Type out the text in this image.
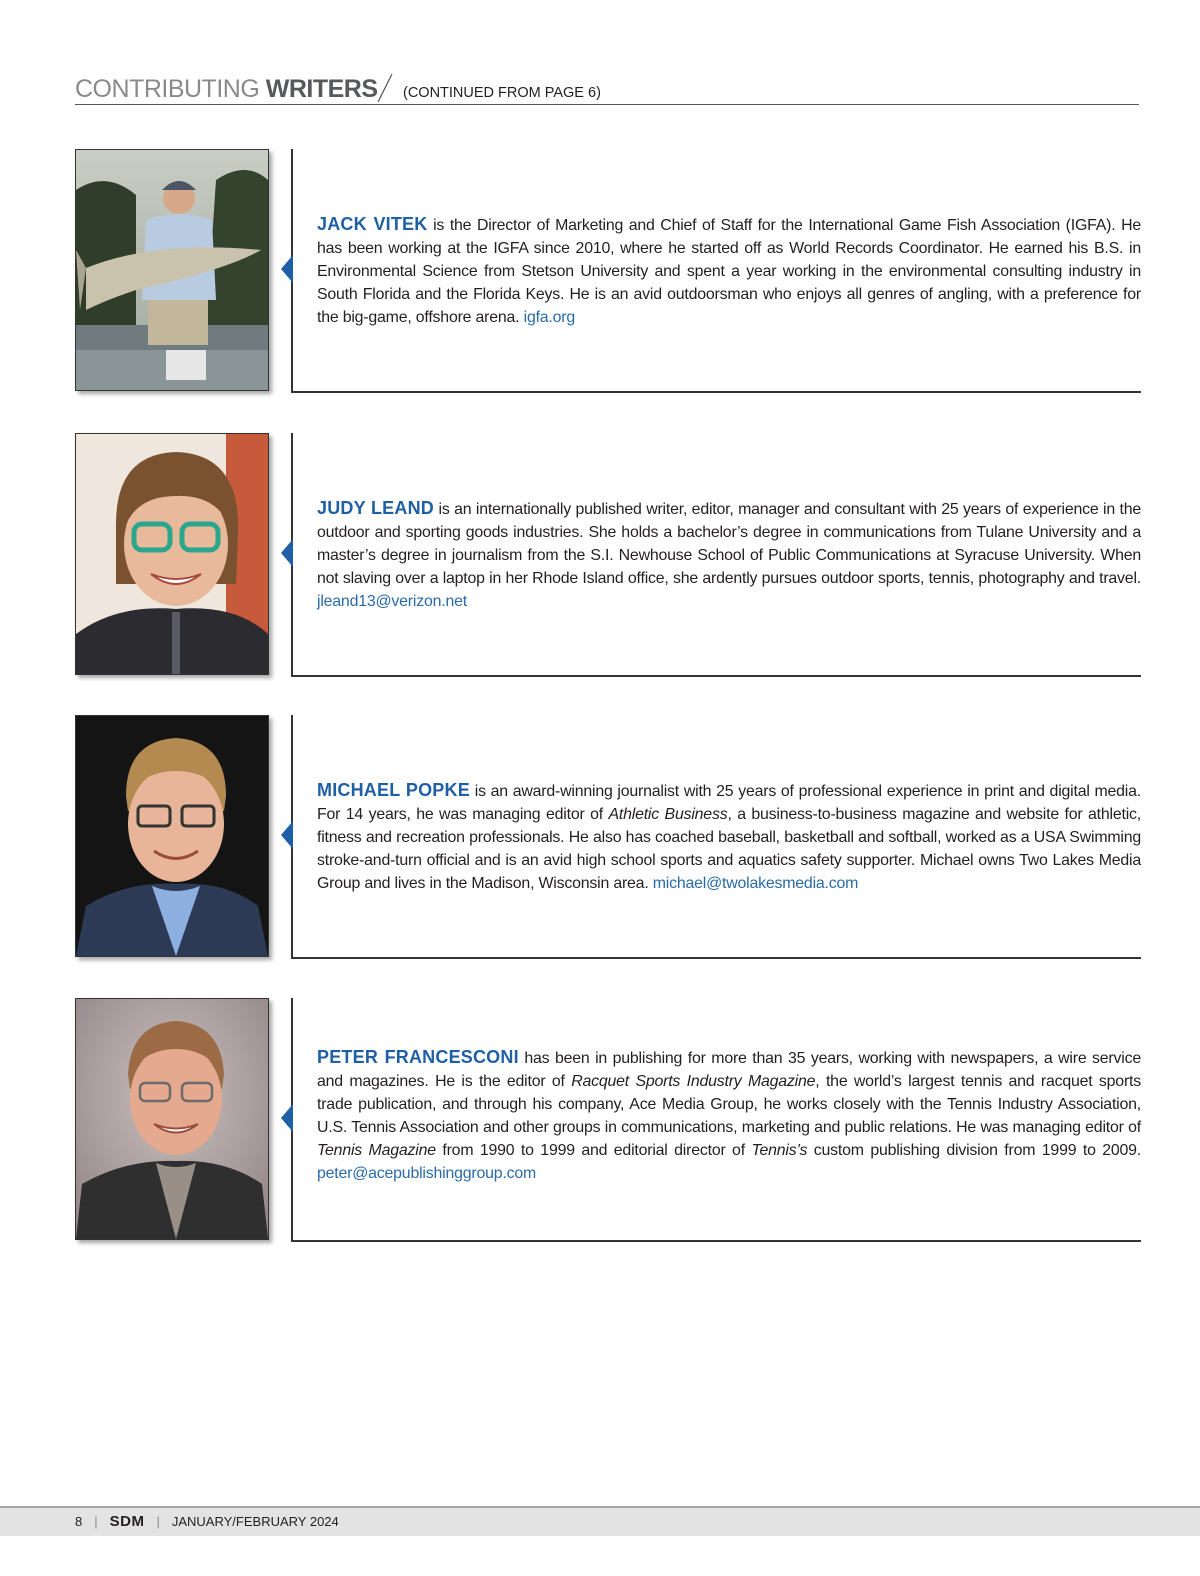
CONTRIBUTING WRITERS (CONTINUED FROM PAGE 6)
JACK VITEK is the Director of Marketing and Chief of Staff for the International Game Fish Association (IGFA). He has been working at the IGFA since 2010, where he started off as World Records Coordinator. He earned his B.S. in Environmental Science from Stetson University and spent a year working in the environmental consulting industry in South Florida and the Florida Keys. He is an avid outdoorsman who enjoys all genres of angling, with a preference for the big-game, offshore arena. igfa.org
JUDY LEAND is an internationally published writer, editor, manager and consultant with 25 years of experience in the outdoor and sporting goods industries. She holds a bachelor’s degree in communications from Tulane University and a master’s degree in journalism from the S.I. Newhouse School of Public Communications at Syracuse University. When not slaving over a laptop in her Rhode Island office, she ardently pursues outdoor sports, tennis, photography and travel. jleand13@verizon.net
MICHAEL POPKE is an award-winning journalist with 25 years of professional experience in print and digital media. For 14 years, he was managing editor of Athletic Business, a business-to-business magazine and website for athletic, fitness and recreation professionals. He also has coached baseball, basketball and softball, worked as a USA Swimming stroke-and-turn official and is an avid high school sports and aquatics safety supporter. Michael owns Two Lakes Media Group and lives in the Madison, Wisconsin area. michael@twolakesmedia.com
PETER FRANCESCONI has been in publishing for more than 35 years, working with newspapers, a wire service and magazines. He is the editor of Racquet Sports Industry Magazine, the world’s largest tennis and racquet sports trade publication, and through his company, Ace Media Group, he works closely with the Tennis Industry Association, U.S. Tennis Association and other groups in communications, marketing and public relations. He was managing editor of Tennis Magazine from 1990 to 1999 and editorial director of Tennis’s custom publishing division from 1999 to 2009. peter@acepublishinggroup.com
8 | SDM | JANUARY/FEBRUARY 2024
